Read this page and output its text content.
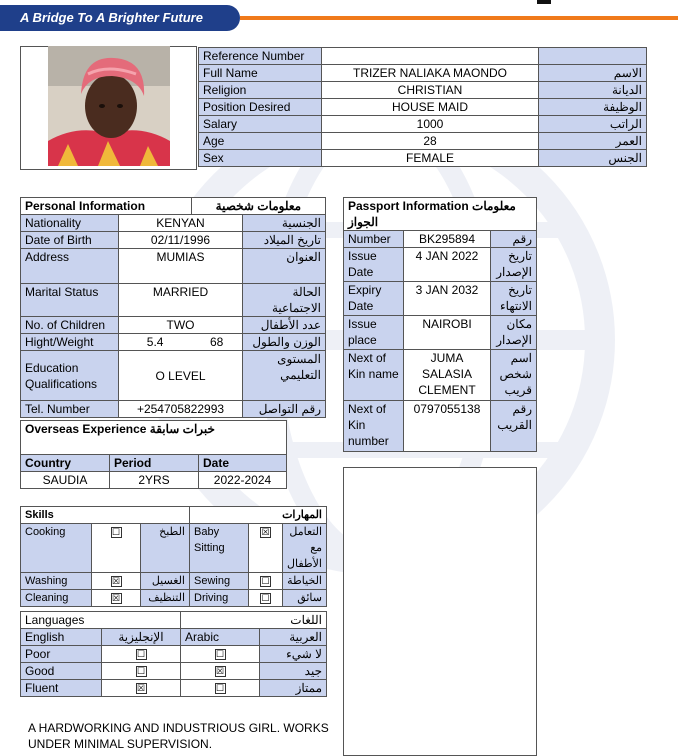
A Bridge To A Brighter Future
Reference Number		
Full Name	TRIZER NALIAKA MAONDO	الاسم
Religion	CHRISTIAN	الديانة
Position Desired	HOUSE MAID	الوظيفة
Salary	1000	الراتب
Age	28	العمر
Sex	FEMALE	الجنس
Personal Information		معلومات شخصية	
Nationality	KENYAN		الجنسية
Date of Birth	02/11/1996		تاريخ الميلاد
Address	MUMIAS		العنوان
Marital Status	MARRIED		الحالة الاجتماعية
No. of Children	TWO		عدد الأطفال
Hight/Weight	5.4	68	الوزن والطول
Education Qualifications	O LEVEL		المستوى التعليمي
Tel. Number	+254705822993		رقم التواصل
Passport Information معلومات الجواز		
Number	BK295894	رقم
Issue Date	4 JAN 2022	تاريخ الإصدار
Expiry Date	3 JAN 2032	تاريخ الانتهاء
Issue place	NAIROBI	مكان الإصدار
Next of Kin name	JUMA SALASIA CLEMENT	اسم شخص قريب
Next of Kin number	0797055138	رقم القريب
Overseas Experience خبرات سابقة		
Country	Period	Date
SAUDIA	2YRS	2022-2024
Skills			المهارات		
Cooking	☐	الطبخ	Baby Sitting	☒	التعامل مع الأطفال
Washing	☒	الغسيل	Sewing	☐	الخياطة
Cleaning	☒	التنظيف	Driving	☐	سائق
Languages		اللغات	
English	الإنجليزية	Arabic	العربية
Poor	☐	☐	لا شيء
Good	☐	☒	جيد
Fluent	☒	☐	ممتاز
A HARDWORKING AND INDUSTRIOUS GIRL. WORKS UNDER MINIMAL SUPERVISION.
